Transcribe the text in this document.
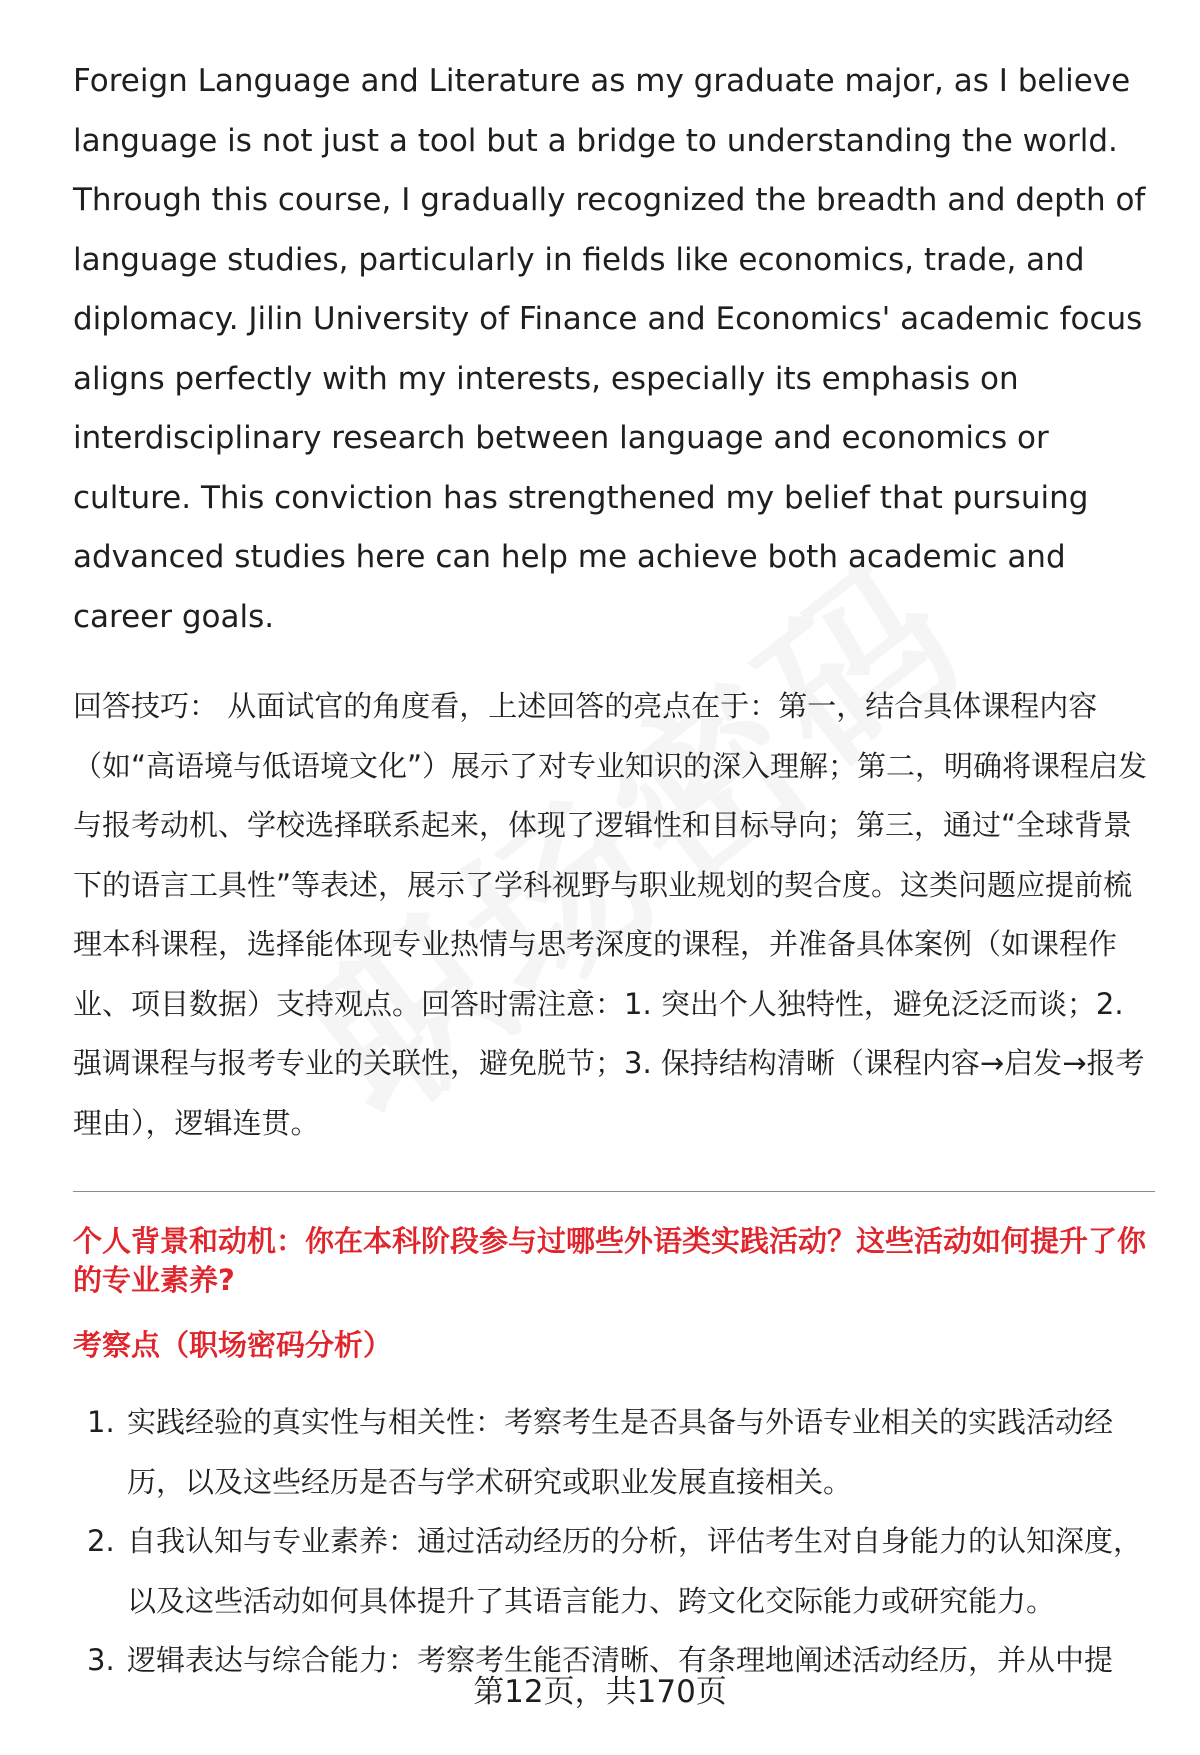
Foreign Language and Literature as my graduate major, as I believe language is not just a tool but a bridge to understanding the world. Through this course, I gradually recognized the breadth and depth of language studies, particularly in fields like economics, trade, and diplomacy. Jilin University of Finance and Economics' academic focus aligns perfectly with my interests, especially its emphasis on interdisciplinary research between language and economics or culture. This conviction has strengthened my belief that pursuing advanced studies here can help me achieve both academic and career goals.

回答技巧： 从面试官的角度看，上述回答的亮点在于：第一，结合具体课程内容（如“高语境与低语境文化”）展示了对专业知识的深入理解；第二，明确将课程启发与报考动机、学校选择联系起来，体现了逻辑性和目标导向；第三，通过“全球背景下的语言工具性”等表述，展示了学科视野与职业规划的契合度。这类问题应提前梳理本科课程，选择能体现专业热情与思考深度的课程，并准备具体案例（如课程作业、项目数据）支持观点。回答时需注意：1. 突出个人独特性，避免泛泛而谈；2. 强调课程与报考专业的关联性，避免脱节；3. 保持结构清晰（课程内容→启发→报考理由），逻辑连贯。

个人背景和动机：你在本科阶段参与过哪些外语类实践活动？这些活动如何提升了你的专业素养?
考察点（职场密码分析）
1. 实践经验的真实性与相关性：考察考生是否具备与外语专业相关的实践活动经历，以及这些经历是否与学术研究或职业发展直接相关。
2. 自我认知与专业素养：通过活动经历的分析，评估考生对自身能力的认知深度，以及这些活动如何具体提升了其语言能力、跨文化交际能力或研究能力。
3. 逻辑表达与综合能力：考察考生能否清晰、有条理地阐述活动经历，并从中提
第12页，共170页
